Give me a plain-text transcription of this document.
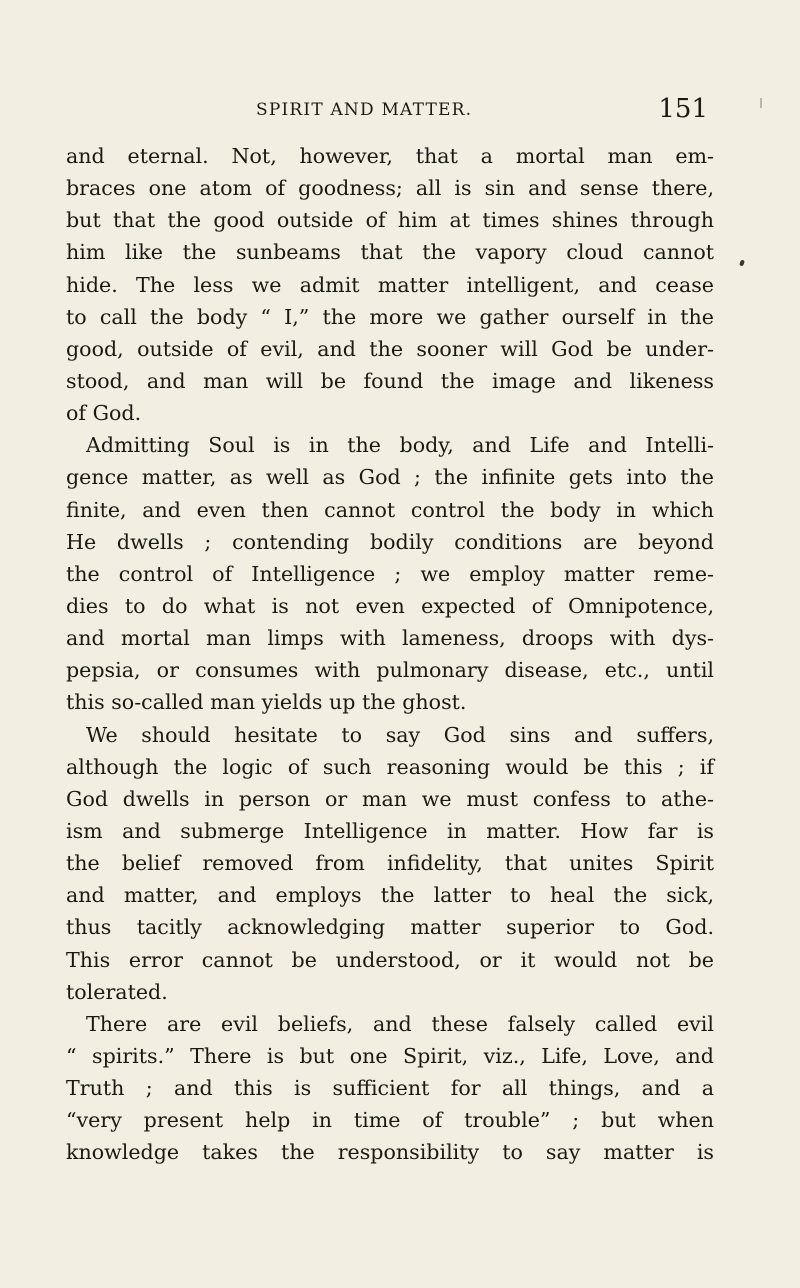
SPIRIT AND MATTER.	151
and eternal. Not, however, that a mortal man em-
braces one atom of goodness; all is sin and sense there,
but that the good outside of him at times shines through
him like the sunbeams that the vapory cloud cannot
hide. The less we admit matter intelligent, and cease
to call the body “ I,” the more we gather ourself in the
good, outside of evil, and the sooner will God be under-
stood, and man will be found the image and likeness
of God.
Admitting Soul is in the body, and Life and Intelli-
gence matter, as well as God ; the infinite gets into the
finite, and even then cannot control the body in which
He dwells ; contending bodily conditions are beyond
the control of Intelligence ; we employ matter reme-
dies to do what is not even expected of Omnipotence,
and mortal man limps with lameness, droops with dys-
pepsia, or consumes with pulmonary disease, etc., until
this so-called man yields up the ghost.
We should hesitate to say God sins and suffers,
although the logic of such reasoning would be this ; if
God dwells in person or man we must confess to athe-
ism and submerge Intelligence in matter. How far is
the belief removed from infidelity, that unites Spirit
and matter, and employs the latter to heal the sick,
thus tacitly acknowledging matter superior to God.
This error cannot be understood, or it would not be
tolerated.
There are evil beliefs, and these falsely called evil
“ spirits.” There is but one Spirit, viz., Life, Love, and
Truth ; and this is sufficient for all things, and a
“very present help in time of trouble” ; but when
knowledge takes the responsibility to say matter is
